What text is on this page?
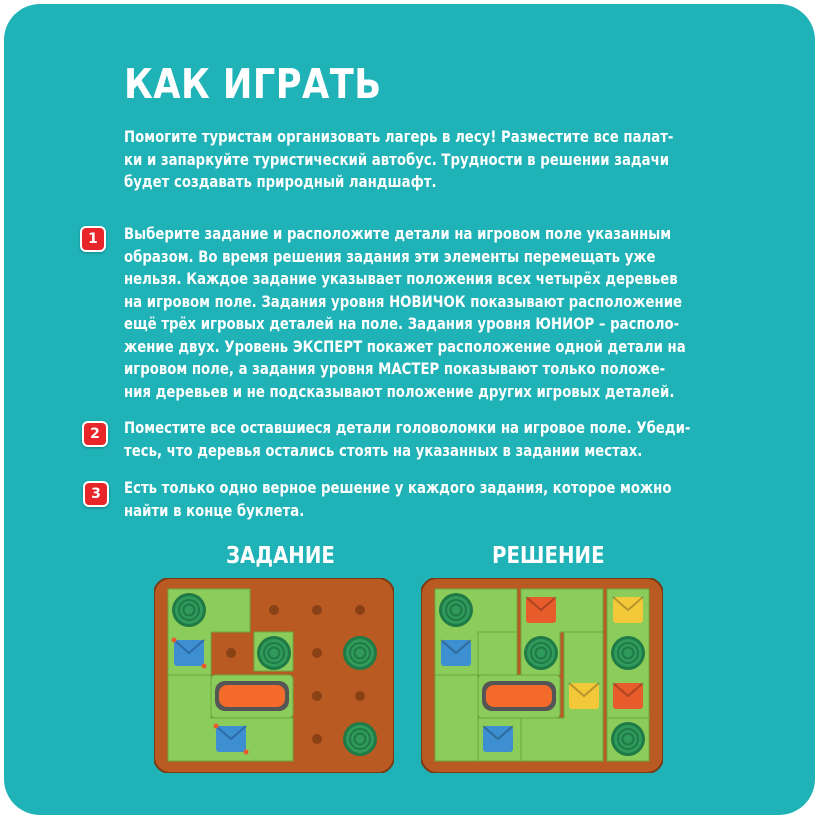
КАК ИГРАТЬ

Помогите туристам организовать лагерь в лесу! Разместите все палат-
ки и запаркуйте туристический автобус. Трудности в решении задачи
будет создавать природный ландшафт.

1	Выберите задание и расположите детали на игровом поле указанным
образом. Во время решения задания эти элементы перемещать уже
нельзя. Каждое задание указывает положения всех четырёх деревьев
на игровом поле. Задания уровня НОВИЧОК показывают расположение
ещё трёх игровых деталей на поле. Задания уровня ЮНИОР – располо-
жение двух. Уровень ЭКСПЕРТ покажет расположение одной детали на
игровом поле, а задания уровня МАСТЕР показывают только положе-
ния деревьев и не подсказывают положение других игровых деталей.

2	Поместите все оставшиеся детали головоломки на игровое поле. Убеди-
тесь, что деревья остались стоять на указанных в задании местах.

3	Есть только одно верное решение у каждого задания, которое можно
найти в конце буклета.

ЗАДАНИЕ	РЕШЕНИЕ
